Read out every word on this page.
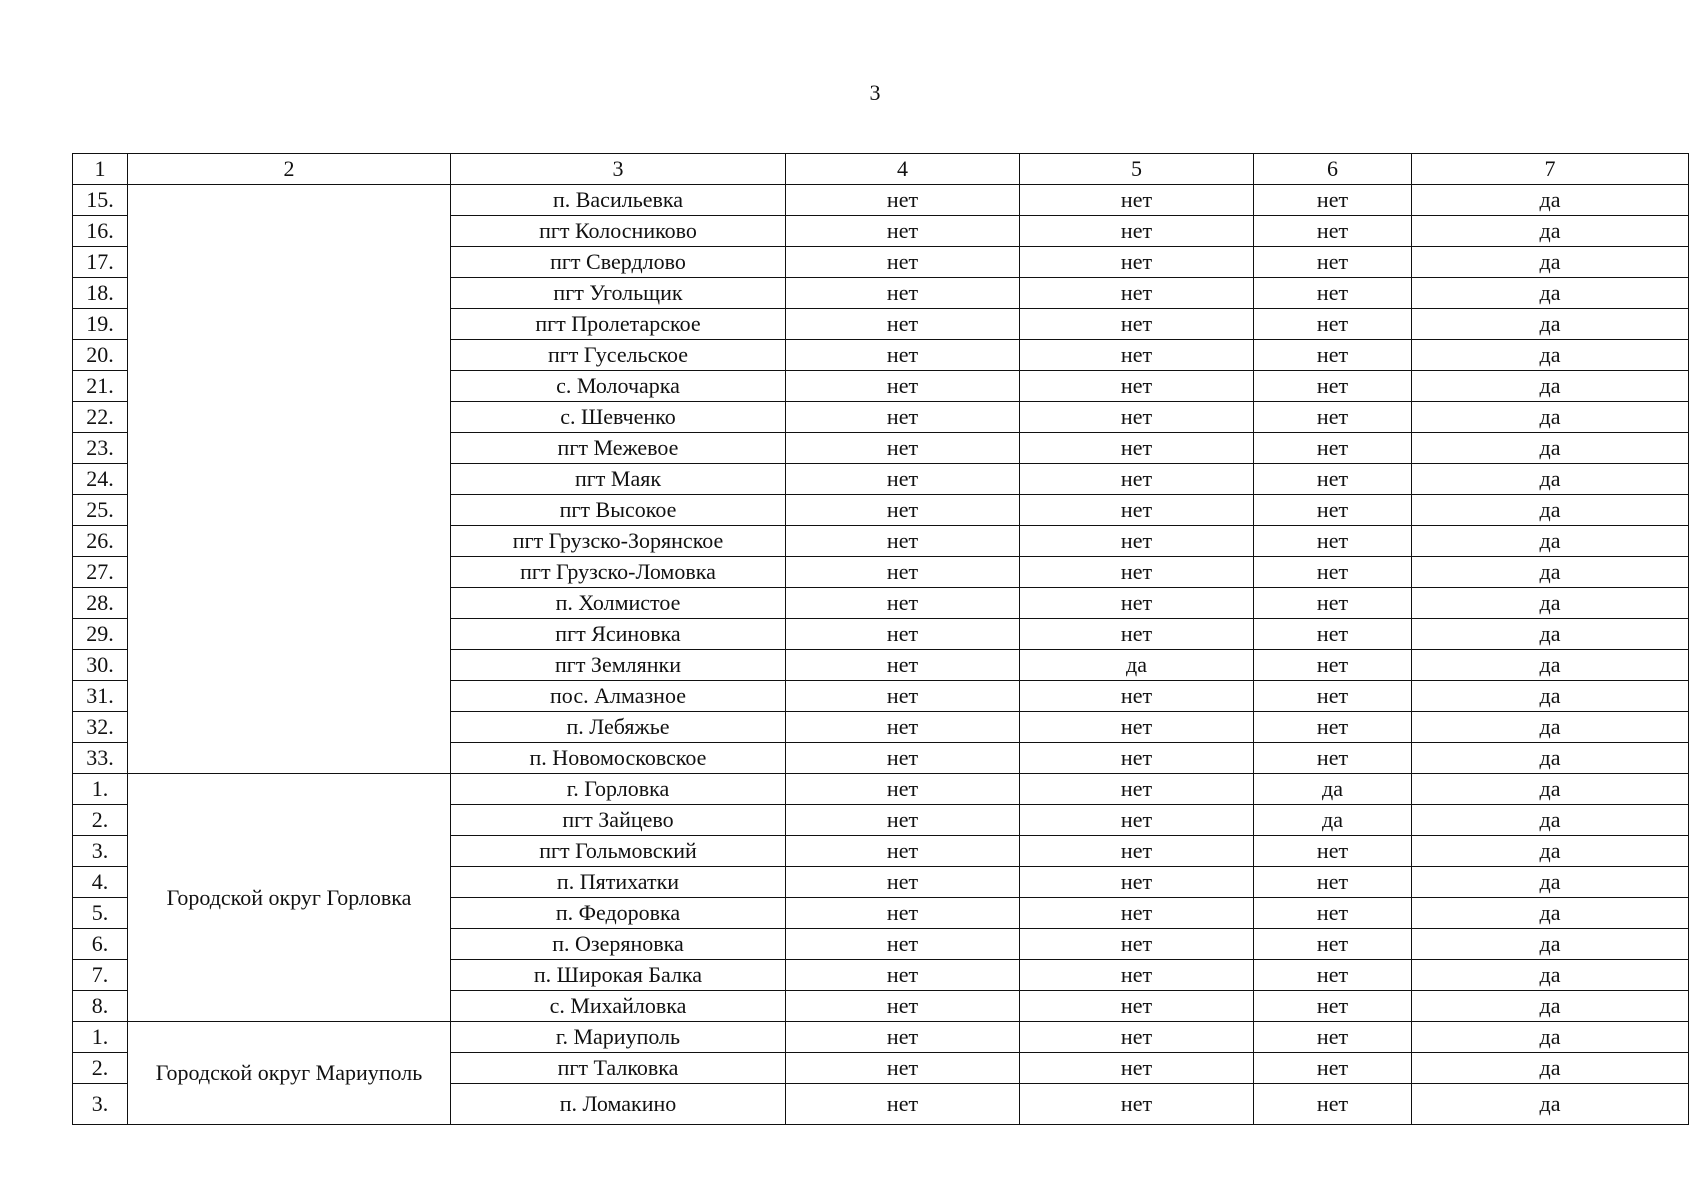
3
1	2	3	4	5	6	7
15.		п. Васильевка	нет	нет	нет	да
16.		пгт Колосниково	нет	нет	нет	да
17.		пгт Свердлово	нет	нет	нет	да
18.		пгт Угольщик	нет	нет	нет	да
19.		пгт Пролетарское	нет	нет	нет	да
20.		пгт Гусельское	нет	нет	нет	да
21.		с. Молочарка	нет	нет	нет	да
22.		с. Шевченко	нет	нет	нет	да
23.		пгт Межевое	нет	нет	нет	да
24.		пгт Маяк	нет	нет	нет	да
25.		пгт Высокое	нет	нет	нет	да
26.		пгт Грузско-Зорянское	нет	нет	нет	да
27.		пгт Грузско-Ломовка	нет	нет	нет	да
28.		п. Холмистое	нет	нет	нет	да
29.		пгт Ясиновка	нет	нет	нет	да
30.		пгт Землянки	нет	да	нет	да
31.		пос. Алмазное	нет	нет	нет	да
32.		п. Лебяжье	нет	нет	нет	да
33.		п. Новомосковское	нет	нет	нет	да
1.	Городской округ Горловка	г. Горловка	нет	нет	да	да
2.		пгт Зайцево	нет	нет	да	да
3.		пгт Гольмовский	нет	нет	нет	да
4.		п. Пятихатки	нет	нет	нет	да
5.		п. Федоровка	нет	нет	нет	да
6.		п. Озеряновка	нет	нет	нет	да
7.		п. Широкая Балка	нет	нет	нет	да
8.		с. Михайловка	нет	нет	нет	да
1.	Городской округ Мариуполь	г. Мариуполь	нет	нет	нет	да
2.		пгт Талковка	нет	нет	нет	да
3.		п. Ломакино	нет	нет	нет	да
